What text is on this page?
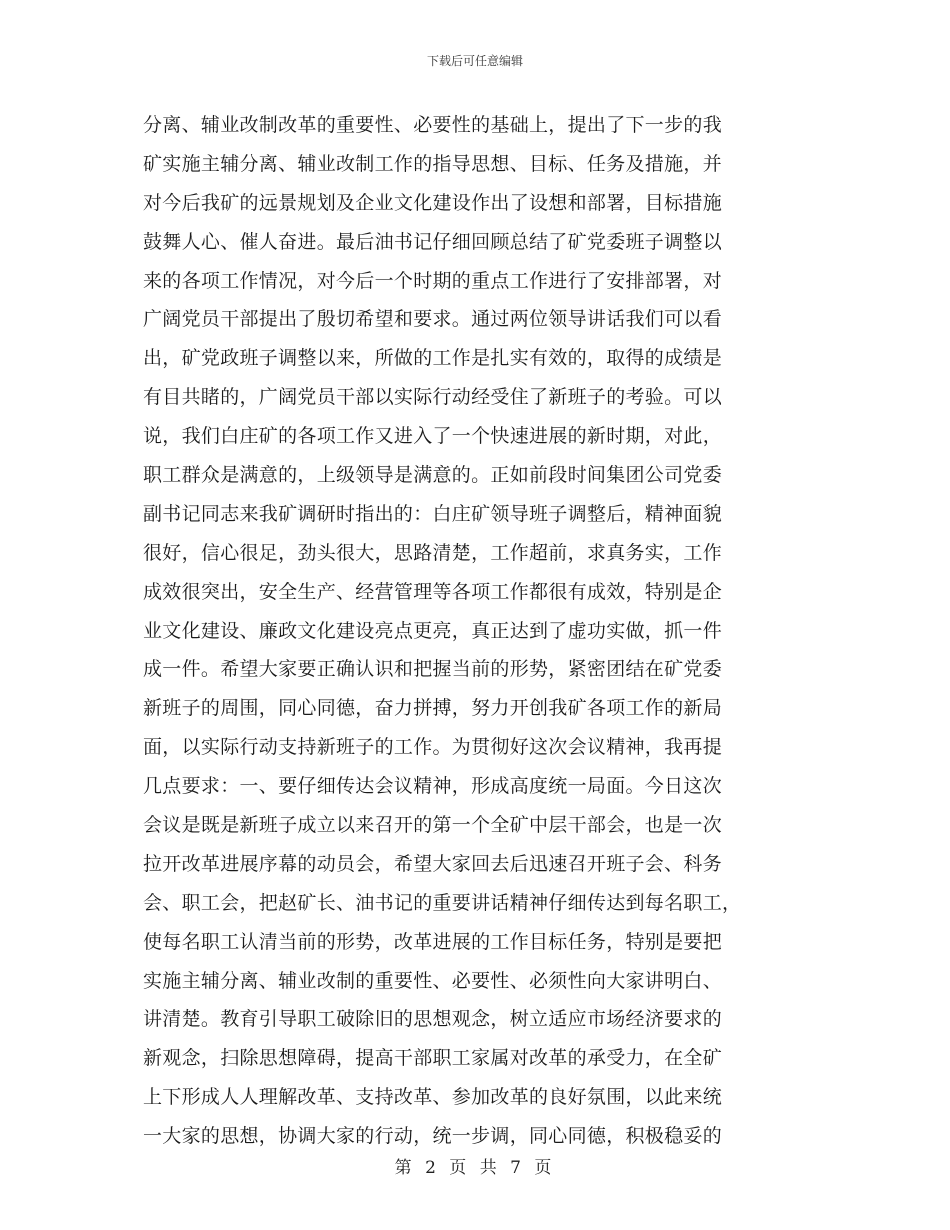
下载后可任意编辑
分离、辅业改制改革的重要性、必要性的基础上，提出了下一步的我
矿实施主辅分离、辅业改制工作的指导思想、目标、任务及措施，并
对今后我矿的远景规划及企业文化建设作出了设想和部署，目标措施
鼓舞人心、催人奋进。最后油书记仔细回顾总结了矿党委班子调整以
来的各项工作情况，对今后一个时期的重点工作进行了安排部署，对
广阔党员干部提出了殷切希望和要求。通过两位领导讲话我们可以看
出，矿党政班子调整以来，所做的工作是扎实有效的，取得的成绩是
有目共睹的，广阔党员干部以实际行动经受住了新班子的考验。可以
说，我们白庄矿的各项工作又进入了一个快速进展的新时期，对此，
职工群众是满意的，上级领导是满意的。正如前段时间集团公司党委
副书记同志来我矿调研时指出的：白庄矿领导班子调整后，精神面貌
很好，信心很足，劲头很大，思路清楚，工作超前，求真务实，工作
成效很突出，安全生产、经营管理等各项工作都很有成效，特别是企
业文化建设、廉政文化建设亮点更亮，真正达到了虚功实做，抓一件
成一件。希望大家要正确认识和把握当前的形势，紧密团结在矿党委
新班子的周围，同心同德，奋力拼搏，努力开创我矿各项工作的新局
面，以实际行动支持新班子的工作。为贯彻好这次会议精神，我再提
几点要求：一、要仔细传达会议精神，形成高度统一局面。今日这次
会议是既是新班子成立以来召开的第一个全矿中层干部会，也是一次
拉开改革进展序幕的动员会，希望大家回去后迅速召开班子会、科务
会、职工会，把赵矿长、油书记的重要讲话精神仔细传达到每名职工，
使每名职工认清当前的形势，改革进展的工作目标任务，特别是要把
实施主辅分离、辅业改制的重要性、必要性、必须性向大家讲明白、
讲清楚。教育引导职工破除旧的思想观念，树立适应市场经济要求的
新观念，扫除思想障碍，提高干部职工家属对改革的承受力，在全矿
上下形成人人理解改革、支持改革、参加改革的良好氛围，以此来统
一大家的思想，协调大家的行动，统一步调，同心同德，积极稳妥的
第 2 页 共 7 页
